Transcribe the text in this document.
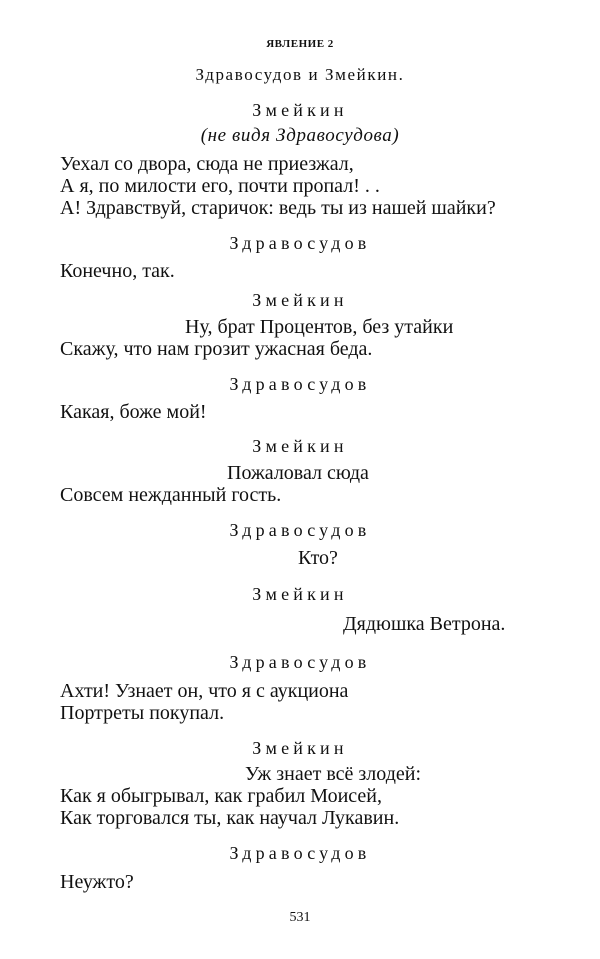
ЯВЛЕНИЕ 2
Здравосудов и Змейкин.
Змейкин
(не видя Здравосудова)
Уехал со двора, сюда не приезжал,
А я, по милости его, почти пропал! . .
А! Здравствуй, старичок: ведь ты из нашей шайки?
Здравосудов
Конечно, так.
Змейкин
Ну, брат Процентов, без утайки
Скажу, что нам грозит ужасная беда.
Здравосудов
Какая, боже мой!
Змейкин
Пожаловал сюда
Совсем нежданный гость.
Здравосудов
Кто?
Змейкин
Дядюшка Ветрона.
Здравосудов
Ахти! Узнает он, что я с аукциона
Портреты покупал.
Змейкин
Уж знает всё злодей:
Как я обыгрывал, как грабил Моисей,
Как торговался ты, как научал Лукавин.
Здравосудов
Неужто?
531
